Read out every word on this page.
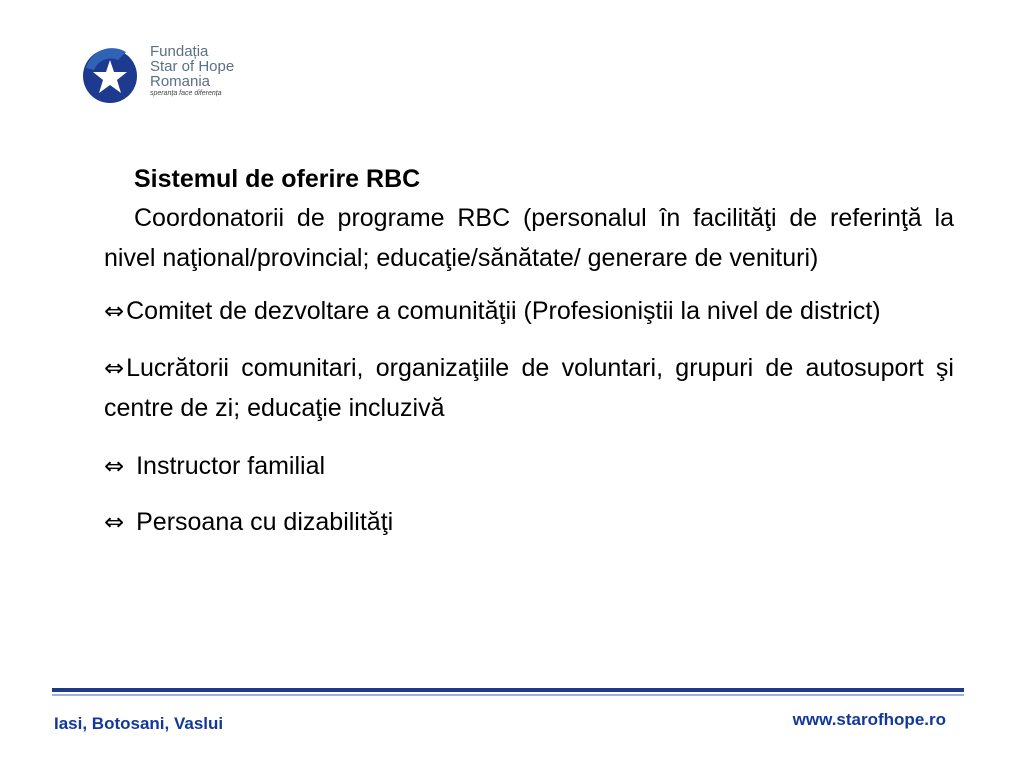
Fundația
Star of Hope
Romania
speranța face diferența
Sistemul de oferire RBC
Coordonatorii de programe RBC (personalul în facilităţi de referinţă la nivel naţional/provincial; educaţie/sănătate/ generare de venituri)
⇔Comitet de dezvoltare a comunităţii (Profesioniştii la nivel de district)
⇔Lucrătorii comunitari, organizaţiile de voluntari, grupuri de autosuport şi centre de zi; educaţie incluzivă
⇔ Instructor familial
⇔ Persoana cu dizabilităţi
Iasi, Botosani, Vaslui	www.starofhope.ro
